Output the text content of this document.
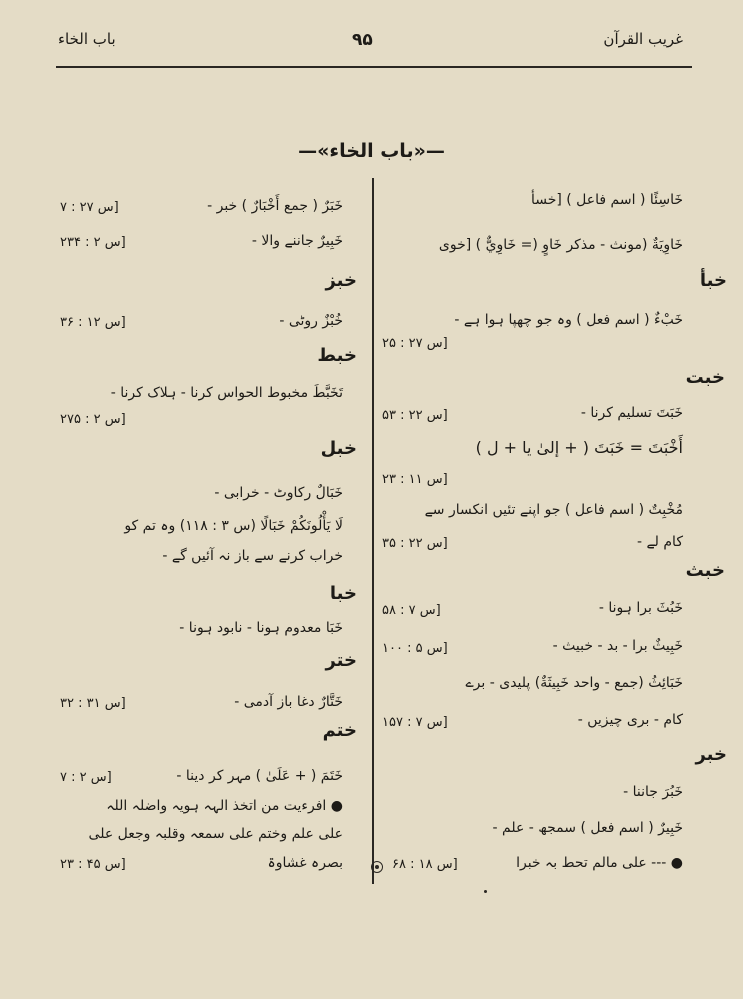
غریب القرآن
۹۵
باب الخاء
—«باب الخاء»—
خَاسِئًا ( اسم فاعل ) [خسأ
خَاوِيَةٌ (مونث - مذکر خَاوٍ (= خَاوِيٌّ ) [خوی
خبأ
خَبْءٌ ( اسم فعل ) وہ جو چھپا ہوا ہے -
[س ۲۷ : ۲۵
خبت
خَبَتَ تسلیم کرنا -
[س ۲۲ : ۵۳
أَخْبَتَ = خَبَتَ ( + إلیٰ یا + ل )
[س ۱۱ : ۲۳
مُخْبِتٌ ( اسم فاعل ) جو اپنے تئیں انکسار سے
کام لے -
[س ۲۲ : ۳۵
خبث
خَبُثَ برا ہونا -
[س ۷ : ۵۸
خَبِيثٌ برا - بد - خبیث -
[س ۵ : ۱۰۰
خَبَائِثُ (جمع - واحد خَبِيثَةٌ) پلیدی - برے
کام - بری چیزیں -
[س ۷ : ۱۵۷
خبر
خَبُرَ جاننا -
خَبِيرٌ ( اسم فعل ) سمجھ - علم -
● --- علی مالم تحط بہ خبرا
[س ۱۸ : ۶۸
خَبَرٌ ( جمع أَخْبَارٌ ) خبر -
[س ۲۷ : ۷
خَبِيرٌ جاننے والا -
[س ۲ : ۲۳۴
خبز
خُبْزٌ روٹی -
[س ۱۲ : ۳۶
خبط
تَخَبَّطَ مخبوط الحواس کرنا - ہلاک کرنا -
[س ۲ : ۲۷۵
خبل
خَبَالٌ رکاوٹ - خرابی -
لَا يَأْلُونَكُمْ خَبَالًا (س ۳ : ۱۱۸) وہ تم کو
خراب کرنے سے باز نہ آئیں گے -
خبا
خَبَا معدوم ہونا - نابود ہونا -
ختر
خَتَّارٌ دغا باز آدمی -
[س ۳۱ : ۳۲
ختم
خَتَمَ ( + عَلَیٰ ) مہر کر دینا -
[س ۲ : ۷
● افرءیت من اتخذ الہہ ہویہ واضلہ اللہ
علی علم وختم علی سمعہ وقلبہ وجعل علی
بصرہ غشاوۃ
[س ۴۵ : ۲۳
